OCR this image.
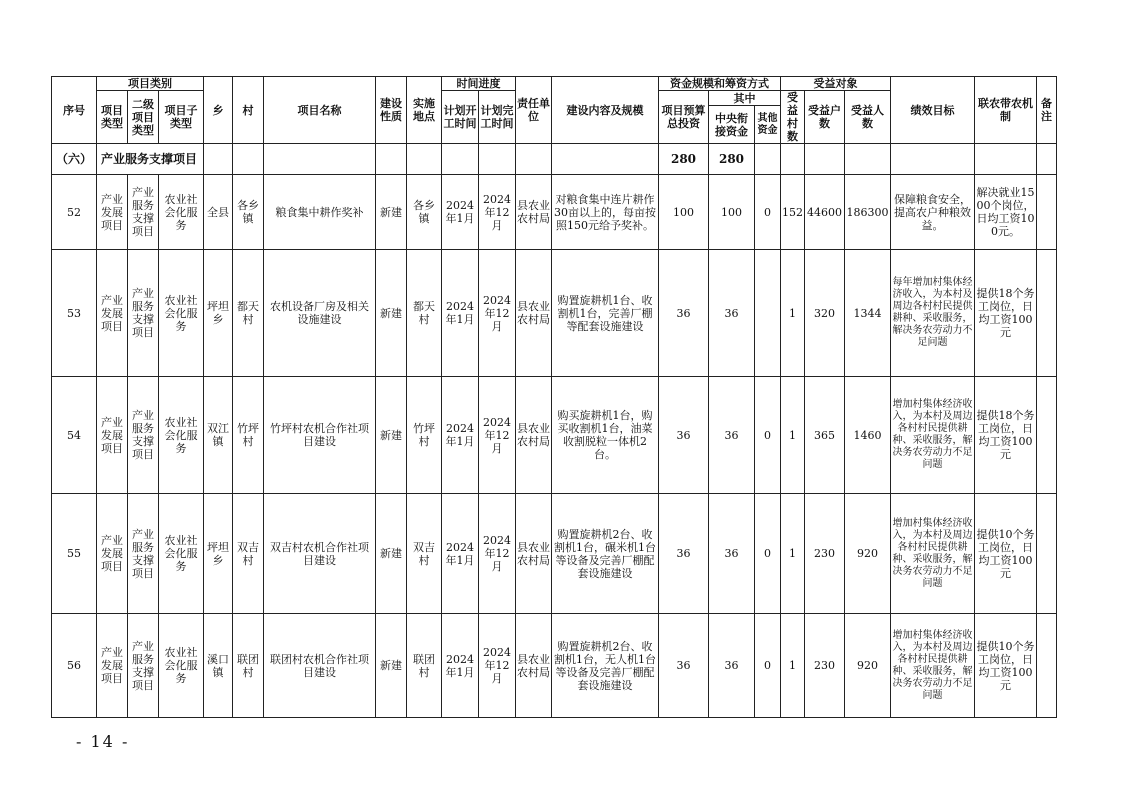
序号	项目类别			乡	村	项目名称	建设性质	实施地点	时间进度		责任单位	建设内容及规模	资金规模和筹资方式			受益对象			绩效目标	联农带农机制	备注
	项目类型	二级项目类型	项目子类型						计划开工时间	计划完工时间			项目预算总投资	其中		受益村数	受益户数	受益人数			
														中央衔接资金	其他资金						
（六）	产业服务支撑项目												280	280							
52	产业发展项目	产业服务支撑项目	农业社会化服务	全县	各乡镇	粮食集中耕作奖补	新建	各乡镇	2024年1月	2024年12月	县农业农村局	对粮食集中连片耕作30亩以上的，每亩按照150元给予奖补。	100	100	0	152	44600	186300	保障粮食安全，提高农户种粮效益。	解决就业1500个岗位，日均工资100元。	
53	产业发展项目	产业服务支撑项目	农业社会化服务	坪坦乡	都天村	农机设备厂房及相关设施建设	新建	都天村	2024年1月	2024年12月	县农业农村局	购置旋耕机1台、收割机1台，完善厂棚等配套设施建设	36	36		1	320	1344	每年增加村集体经济收入，为本村及周边各村村民提供耕种、采收服务，解决务农劳动力不足问题	提供18个务工岗位，日均工资100元	
54	产业发展项目	产业服务支撑项目	农业社会化服务	双江镇	竹坪村	竹坪村农机合作社项目建设	新建	竹坪村	2024年1月	2024年12月	县农业农村局	购买旋耕机1台，购买收割机1台，油菜收割脱粒一体机2台。	36	36	0	1	365	1460	增加村集体经济收入，为本村及周边各村村民提供耕种、采收服务，解决务农劳动力不足问题	提供18个务工岗位，日均工资100元	
55	产业发展项目	产业服务支撑项目	农业社会化服务	坪坦乡	双吉村	双吉村农机合作社项目建设	新建	双吉村	2024年1月	2024年12月	县农业农村局	购置旋耕机2台、收割机1台，碾米机1台等设备及完善厂棚配套设施建设	36	36	0	1	230	920	增加村集体经济收入，为本村及周边各村村民提供耕种、采收服务，解决务农劳动力不足问题	提供10个务工岗位，日均工资100元	
56	产业发展项目	产业服务支撑项目	农业社会化服务	溪口镇	联团村	联团村农机合作社项目建设	新建	联团村	2024年1月	2024年12月	县农业农村局	购置旋耕机2台、收割机1台，无人机1台等设备及完善厂棚配套设施建设	36	36	0	1	230	920	增加村集体经济收入，为本村及周边各村村民提供耕种、采收服务，解决务农劳动力不足问题	提供10个务工岗位，日均工资100元	
- 14 -
